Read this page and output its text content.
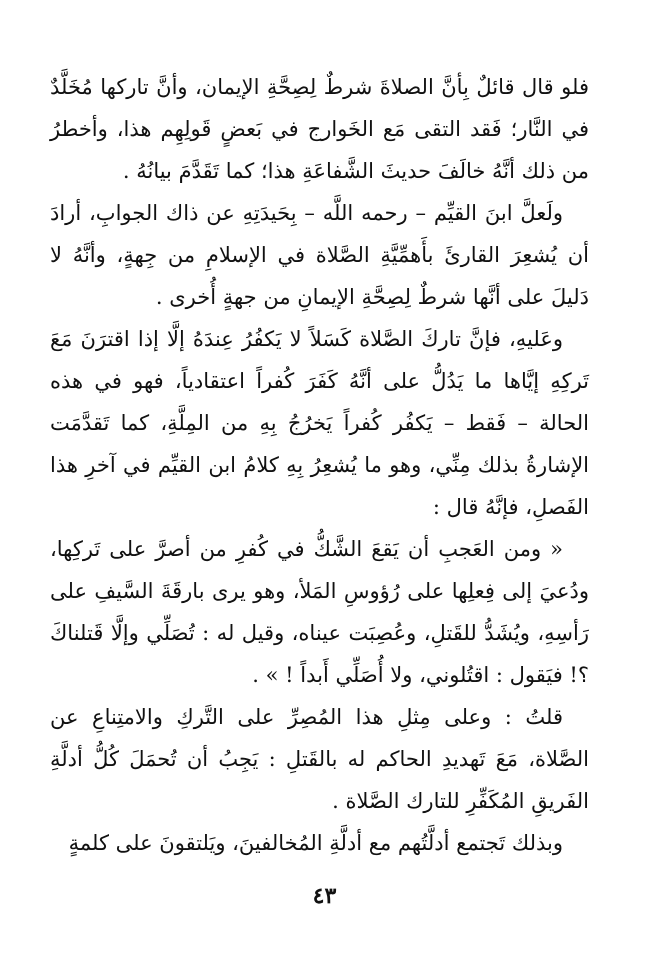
فلو قال قائلٌ بِأنَّ الصلاةَ شرطٌ لِصِحَّةِ الإيمان، وأنَّ تاركها مُخَلَّدٌ في النَّار؛ فَقد التقى مَع الخَوارج في بَعضٍ قَولِهِم هذا، وأخطرُ من ذلك أنَّهُ خالَفَ حديثَ الشَّفاعَةِ هذا؛ كما تَقَدَّمَ بيانُهُ .

ولَعلَّ ابنَ القيِّم – رحمه اللَّه – بِحَيدَتِهِ عن ذاك الجوابِ، أرادَ أن يُشعِرَ القارئَ بأَهمِّيَّةِ الصَّلاة في الإسلامِ من جِهةٍ، وأنَّهُ لا دَليلَ على أنَّها شرطٌ لِصِحَّةِ الإيمانِ من جهةٍ أُخرى .

وعَليهِ، فإنَّ تاركَ الصَّلاة كَسَلاً لا يَكفُرُ عِندَهُ إلَّا إذا اقترَنَ مَعَ تَركِهِ إيَّاها ما يَدُلُّ على أنَّهُ كَفَرَ كُفراً اعتقادياً، فهو في هذه الحالة – فَقط – يَكفُر كُفراً يَخرُجُ بِهِ من المِلَّةِ، كما تَقدَّمَت الإشارةُ بذلك مِنِّي، وهو ما يُشعِرُ بِهِ كلامُ ابن القيِّم في آخرِ هذا الفَصلِ، فإنَّهُ قال :

« ومن العَجبِ أن يَقعَ الشَّكُّ في كُفرِ من أصرَّ على تَركِها، ودُعيَ إلى فِعلِها على رُؤوسِ المَلأ، وهو يرى بارقَةَ السَّيفِ على رَأسِهِ، ويُشَدُّ للقَتلِ، وعُصِبَت عيناه، وقيل له : تُصَلِّي وإلَّا قَتلناكَ ؟! فيَقول : اقتُلوني، ولا أُصَلِّي أَبداً ! » .

قلتُ : وعلى مِثلِ هذا المُصِرِّ على التَّركِ والامتِناعِ عن الصَّلاة، مَعَ تَهديدِ الحاكم له بالقَتلِ : يَجِبُ أن تُحمَلَ كُلُّ أدلَّةِ الفَريقِ المُكَفِّرِ للتارك الصَّلاة .

وبذلك تَجتمع أدلَّتُهم مع أدلَّةِ المُخالفينَ، ويَلتقونَ على كلمةٍ

٤٣
